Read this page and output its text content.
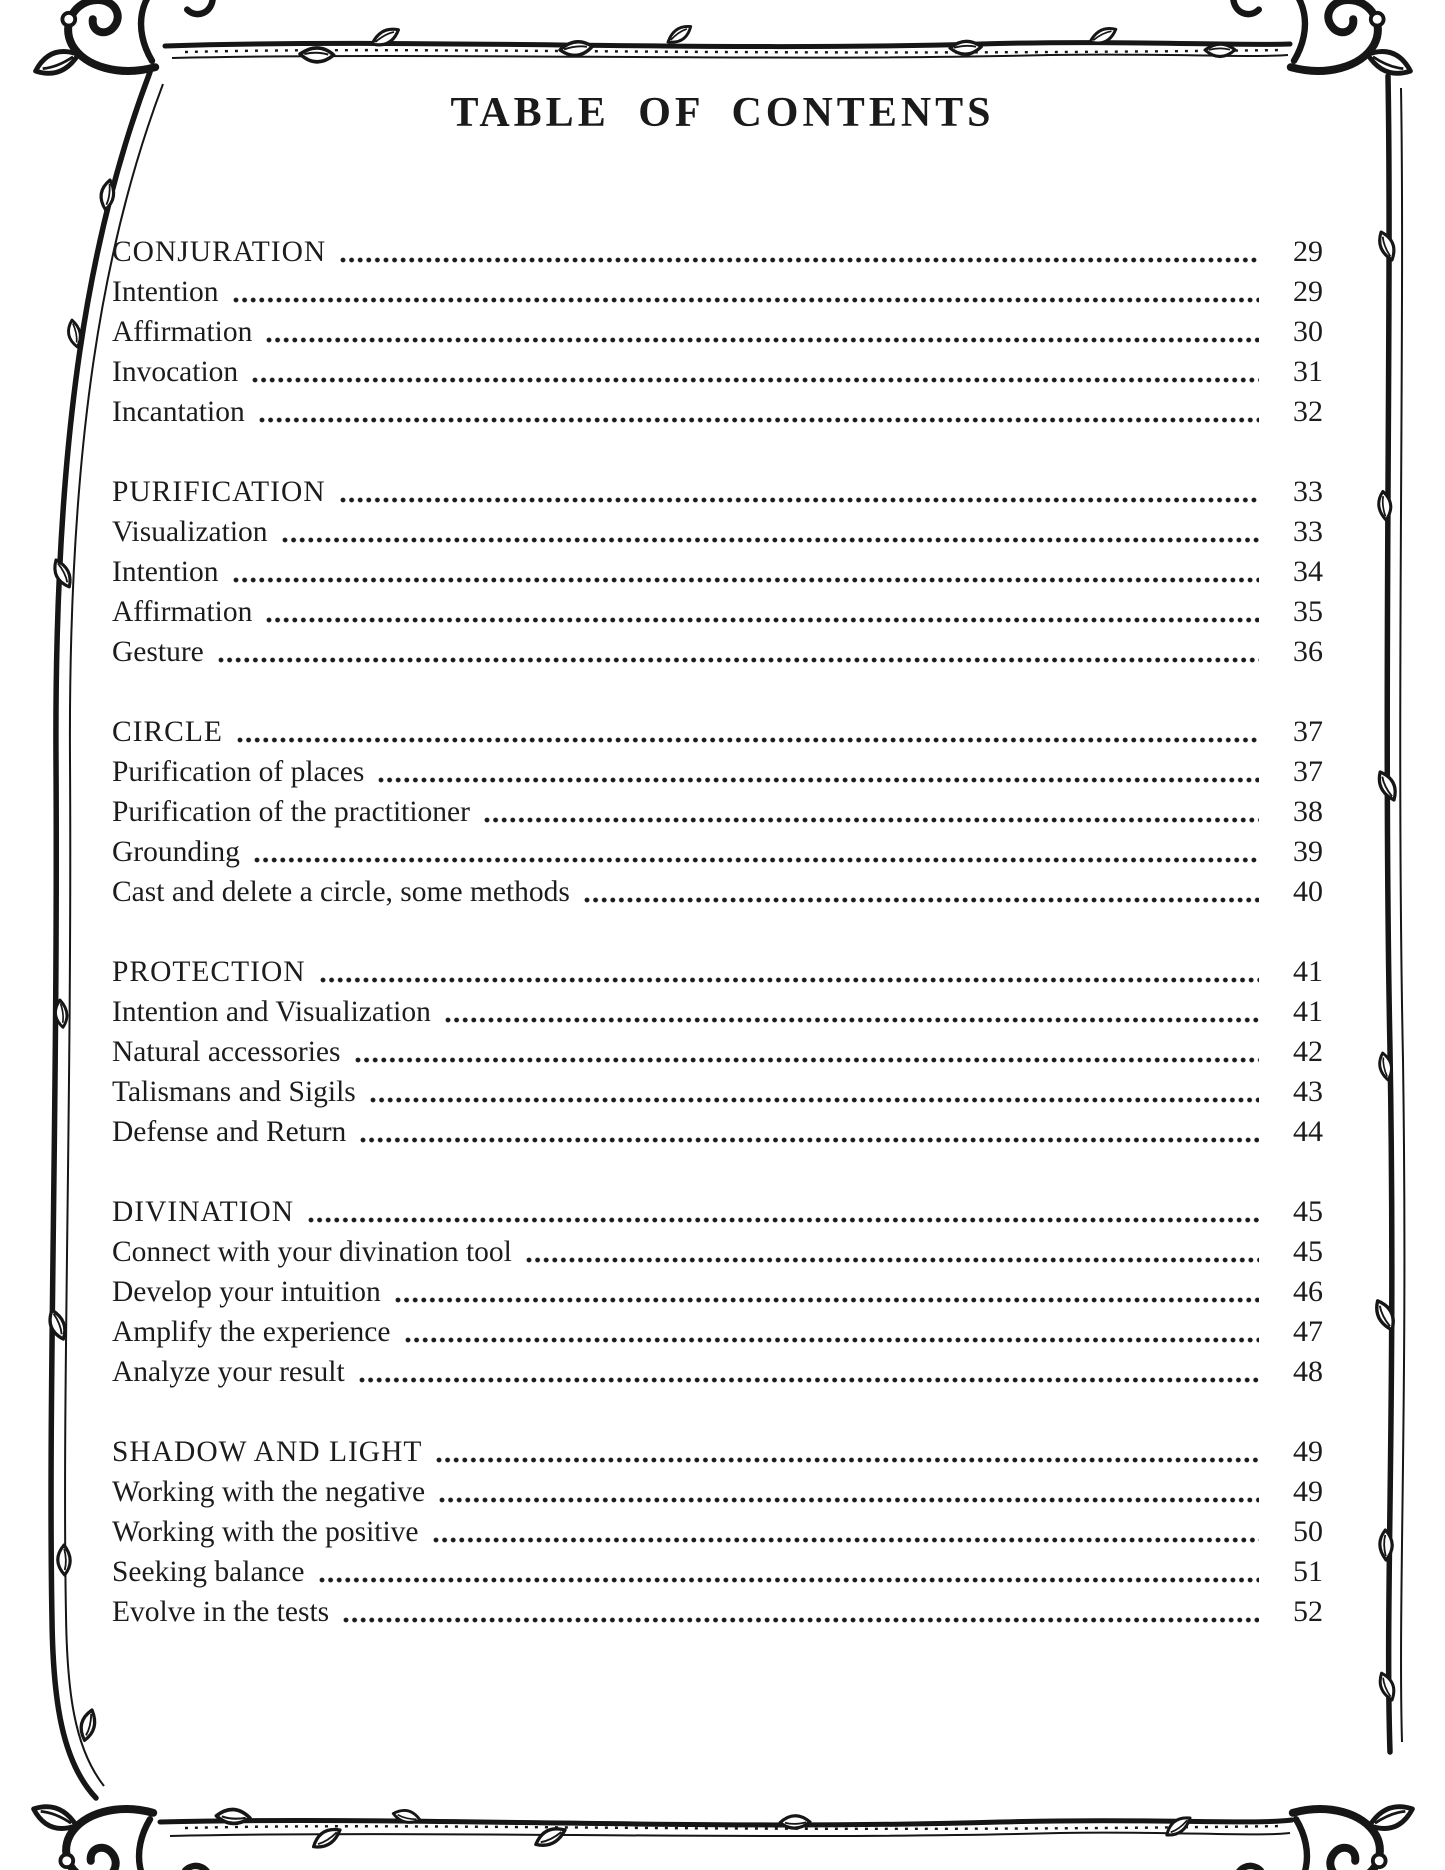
TABLE OF CONTENTS
CONJURATION	29
Intention	29
Affirmation	30
Invocation	31
Incantation	32
PURIFICATION	33
Visualization	33
Intention	34
Affirmation	35
Gesture	36
CIRCLE	37
Purification of places	37
Purification of the practitioner	38
Grounding	39
Cast and delete a circle, some methods	40
PROTECTION	41
Intention and Visualization	41
Natural accessories	42
Talismans and Sigils	43
Defense and Return	44
DIVINATION	45
Connect with your divination tool	45
Develop your intuition	46
Amplify the experience	47
Analyze your result	48
SHADOW AND LIGHT	49
Working with the negative	49
Working with the positive	50
Seeking balance	51
Evolve in the tests	52
